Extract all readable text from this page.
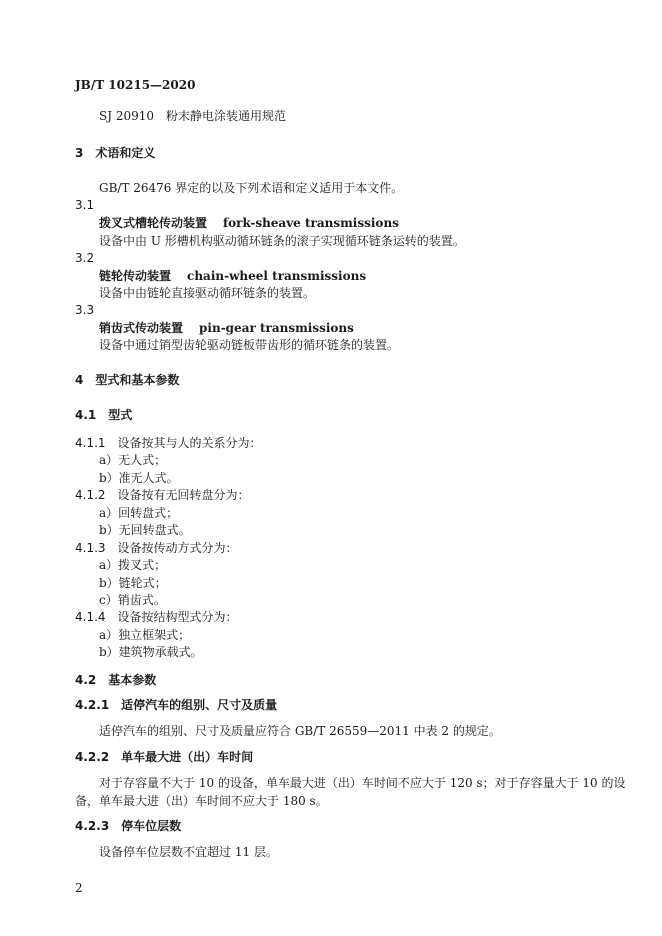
JB/T 10215—2020
SJ 20910 粉末静电涂装通用规范
3 术语和定义
GB/T 26476 界定的以及下列术语和定义适用于本文件。
3.1
拨叉式槽轮传动装置 fork-sheave transmissions
设备中由 U 形槽机构驱动循环链条的滚子实现循环链条运转的装置。
3.2
链轮传动装置 chain-wheel transmissions
设备中由链轮直接驱动循环链条的装置。
3.3
销齿式传动装置 pin-gear transmissions
设备中通过销型齿轮驱动链板带齿形的循环链条的装置。
4 型式和基本参数
4.1 型式
4.1.1 设备按其与人的关系分为：
a）无人式；
b）准无人式。
4.1.2 设备按有无回转盘分为：
a）回转盘式；
b）无回转盘式。
4.1.3 设备按传动方式分为：
a）拨叉式；
b）链轮式；
c）销齿式。
4.1.4 设备按结构型式分为：
a）独立框架式；
b）建筑物承载式。
4.2 基本参数
4.2.1 适停汽车的组别、尺寸及质量
适停汽车的组别、尺寸及质量应符合 GB/T 26559—2011 中表 2 的规定。
4.2.2 单车最大进（出）车时间
对于存容量不大于 10 的设备，单车最大进（出）车时间不应大于 120 s；对于存容量大于 10 的设
备，单车最大进（出）车时间不应大于 180 s。
4.2.3 停车位层数
设备停车位层数不宜超过 11 层。
2
